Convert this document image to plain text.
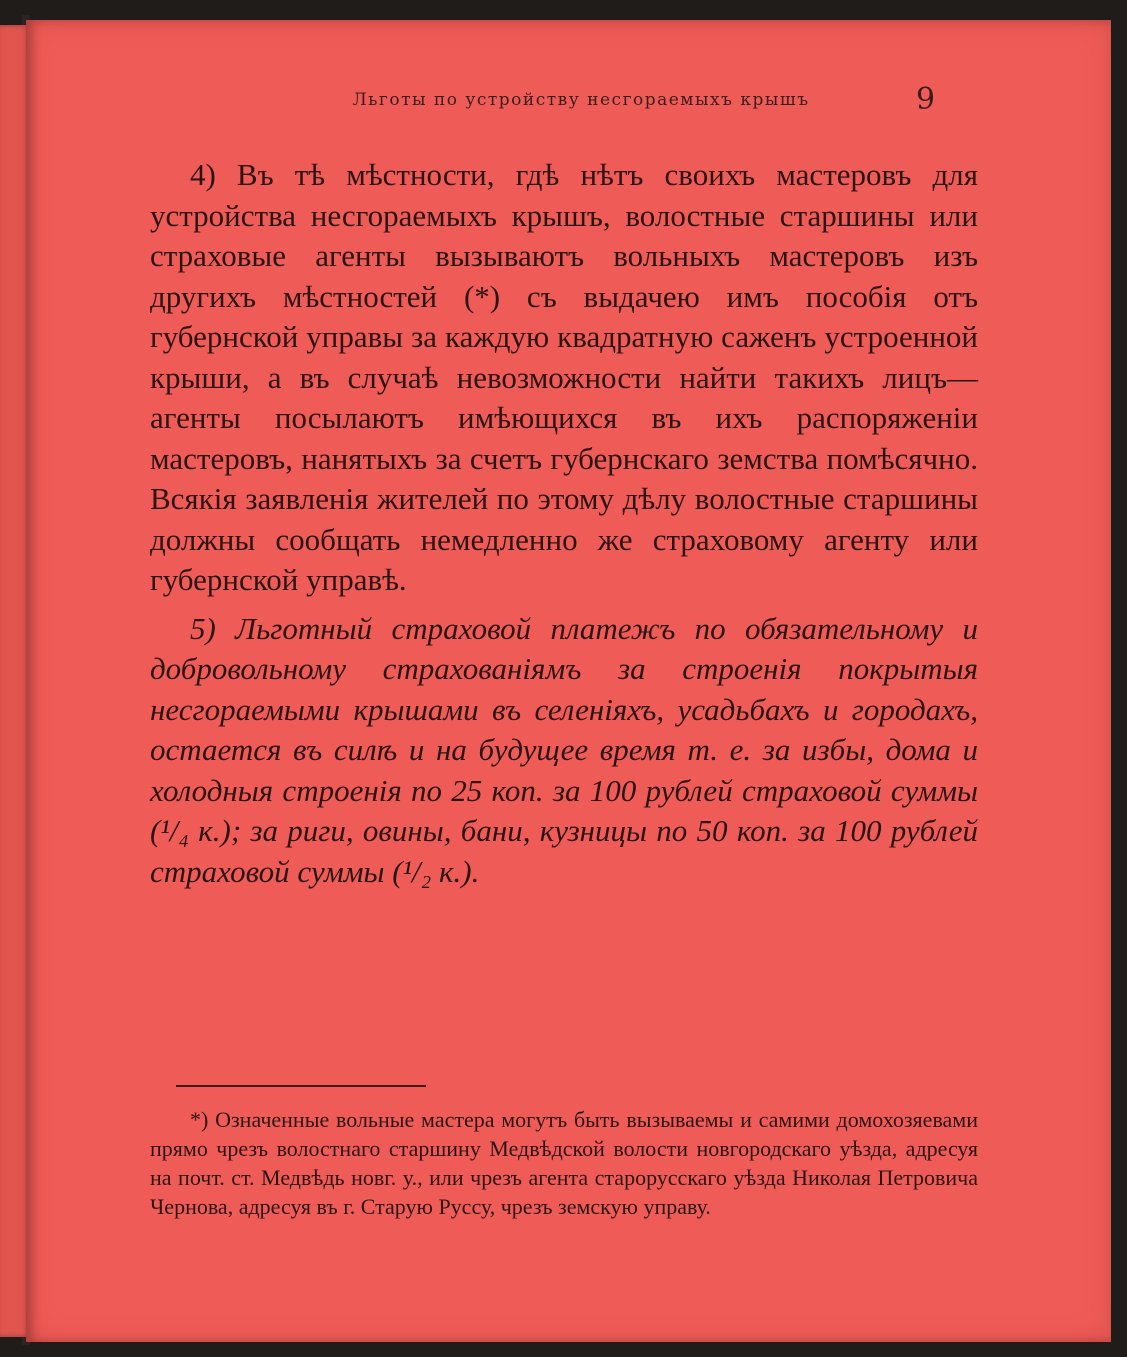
Льготы по устройству несгораемыхъ крышъ	9

4) Въ тѣ мѣстности, гдѣ нѣтъ своихъ мастеровъ для устройства несгораемыхъ крышъ, волостные старшины или страховые агенты вызываютъ вольныхъ мастеровъ изъ другихъ мѣстностей (*) съ выдачею имъ пособія отъ губернской управы за каждую квадратную саженъ устроенной крыши, а въ случаѣ невозможности найти такихъ лицъ—агенты посылаютъ имѣющихся въ ихъ распоряженіи мастеровъ, нанятыхъ за счетъ губернскаго земства помѣсячно. Всякія заявленія жителей по этому дѣлу волостные старшины должны сообщать немедленно же страховому агенту или губернской управѣ.

5) Льготный страховой платежъ по обязательному и добровольному страхованіямъ за строенія покрытыя несгораемыми крышами въ селеніяхъ, усадьбахъ и городахъ, остается въ силѣ и на будущее время т. е. за избы, дома и холодныя строенія по 25 коп. за 100 рублей страховой суммы (¹/₄ к.); за риги, овины, бани, кузницы по 50 коп. за 100 рублей страховой суммы (¹/₂ к.).

*) Означенные вольные мастера могутъ быть вызываемы и самими домохозяевами прямо чрезъ волостнаго старшину Медвѣдской волости новгородскаго уѣзда, адресуя на почт. ст. Медвѣдь новг. у., или чрезъ агента старорусскаго уѣзда Николая Петровича Чернова, адресуя въ г. Старую Руссу, чрезъ земскую управу.
